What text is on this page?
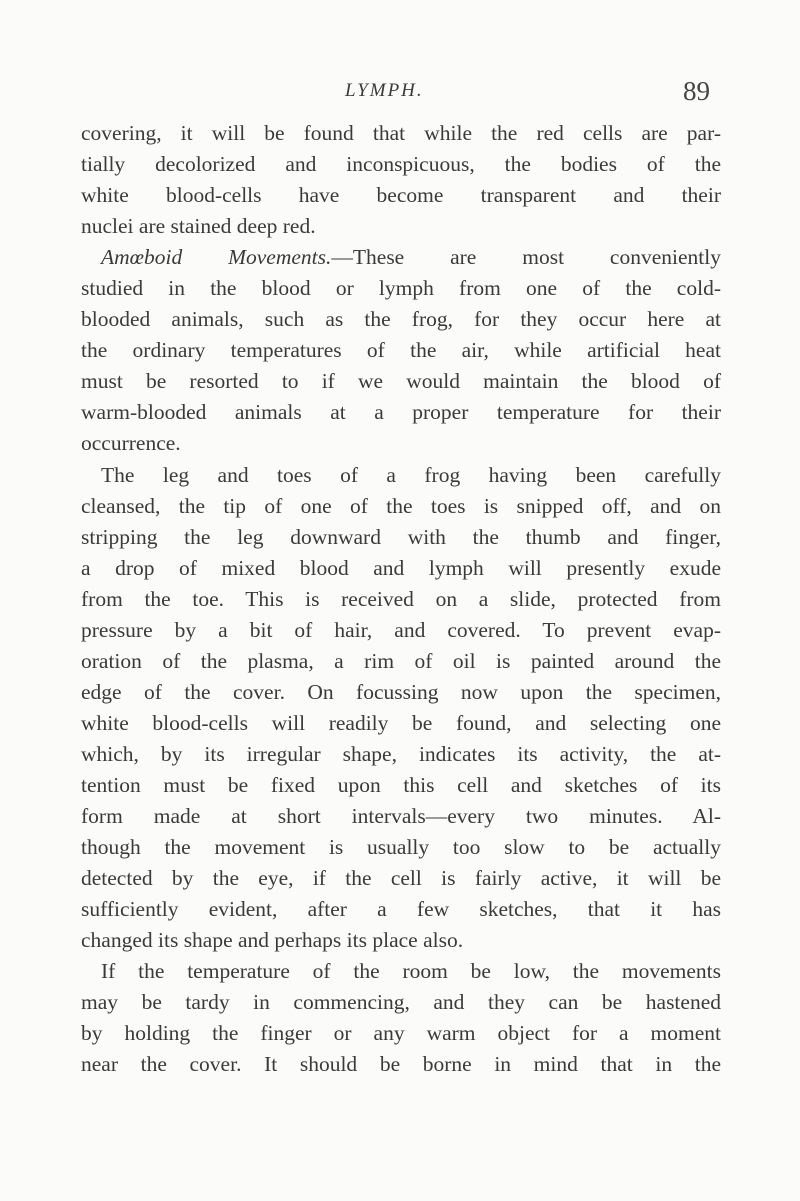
LYMPH.	89
covering, it will be found that while the red cells are par-
tially decolorized and inconspicuous, the bodies of the
white blood-cells have become transparent and their
nuclei are stained deep red.
Amœboid Movements.—These are most conveniently
studied in the blood or lymph from one of the cold-
blooded animals, such as the frog, for they occur here at
the ordinary temperatures of the air, while artificial heat
must be resorted to if we would maintain the blood of
warm-blooded animals at a proper temperature for their
occurrence.
The leg and toes of a frog having been carefully
cleansed, the tip of one of the toes is snipped off, and on
stripping the leg downward with the thumb and finger,
a drop of mixed blood and lymph will presently exude
from the toe. This is received on a slide, protected from
pressure by a bit of hair, and covered. To prevent evap-
oration of the plasma, a rim of oil is painted around the
edge of the cover. On focussing now upon the specimen,
white blood-cells will readily be found, and selecting one
which, by its irregular shape, indicates its activity, the at-
tention must be fixed upon this cell and sketches of its
form made at short intervals—every two minutes. Al-
though the movement is usually too slow to be actually
detected by the eye, if the cell is fairly active, it will be
sufficiently evident, after a few sketches, that it has
changed its shape and perhaps its place also.
If the temperature of the room be low, the movements
may be tardy in commencing, and they can be hastened
by holding the finger or any warm object for a moment
near the cover. It should be borne in mind that in the
